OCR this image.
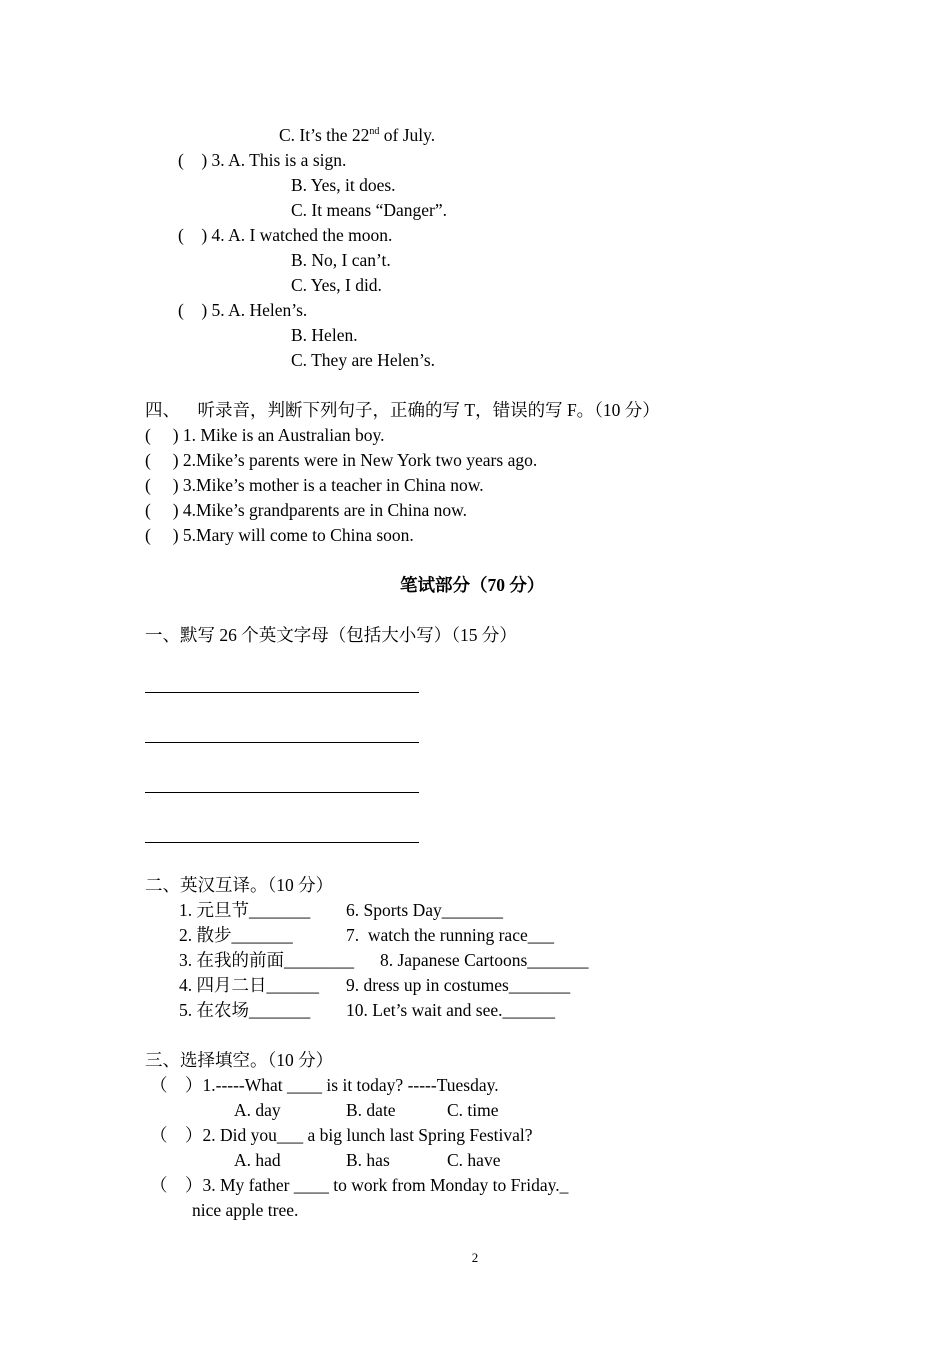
C. It’s the 22nd of July.
(    ) 3. A. This is a sign.
B. Yes, it does.
C. It means “Danger”.
(    ) 4. A. I watched the moon.
B. No, I can’t.
C. Yes, I did.
(    ) 5. A. Helen’s.
B. Helen.
C. They are Helen’s.
四、    听录音，判断下列句子，正确的写 T，错误的写 F。（10 分）
(     ) 1. Mike is an Australian boy.
(     ) 2.Mike’s parents were in New York two years ago.
(     ) 3.Mike’s mother is a teacher in China now.
(     ) 4.Mike’s grandparents are in China now.
(     ) 5.Mary will come to China soon.
笔试部分（70 分）
一、默写 26 个英文字母（包括大小写）（15 分）
二、英汉互译。（10 分）
1. 元旦节_______ 6. Sports Day_______
2. 散步_______	7.  watch the running race___
3. 在我的前面________ 8. Japanese Cartoons_______
4. 四月二日______ 9. dress up in costumes_______
5. 在农场_______ 10. Let’s wait and see.______
三、选择填空。（10 分）
（    ）1.-----What ____ is it today? -----Tuesday.
A. day	B. date	C. time
（    ）2. Did you___ a big lunch last Spring Festival?
A. had	B. has	C. have
（    ）3. My father ____ to work from Monday to Friday._
nice apple tree.
2
